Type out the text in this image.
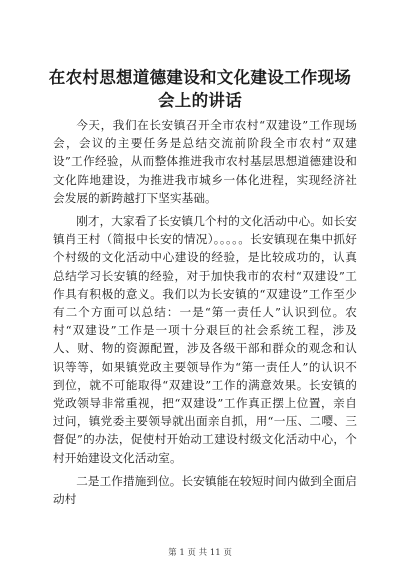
在农村思想道德建设和文化建设工作现场会上的讲话

今天，我们在长安镇召开全市农村“双建设”工作现场会，会议的主要任务是总结交流前阶段全市农村“双建设”工作经验，从而整体推进我市农村基层思想道德建设和文化阵地建设，为推进我市城乡一体化进程，实现经济社会发展的新跨越打下坚实基础。

刚才，大家看了长安镇几个村的文化活动中心。如长安镇肖王村（简报中长安的情况）。。。。。长安镇现在集中抓好个村级的文化活动中心建设的经验，是比较成功的，认真总结学习长安镇的经验，对于加快我市的农村“双建设”工作具有积极的意义。我们以为长安镇的“双建设”工作至少有二个方面可以总结：一是“第一责任人”认识到位。农村“双建设”工作是一项十分艰巨的社会系统工程，涉及人、财、物的资源配置，涉及各级干部和群众的观念和认识等等，如果镇党政主要领导作为“第一责任人”的认识不到位，就不可能取得“双建设”工作的满意效果。长安镇的党政领导非常重视，把“双建设”工作真正摆上位置，亲自过问，镇党委主要领导就出面亲自抓，用“一压、二嘤、三督促”的办法，促使村开始动工建设村级文化活动中心，个村开始建设文化活动室。

二是工作措施到位。长安镇能在较短时间内做到全面启动村

第 1 页 共 11 页
